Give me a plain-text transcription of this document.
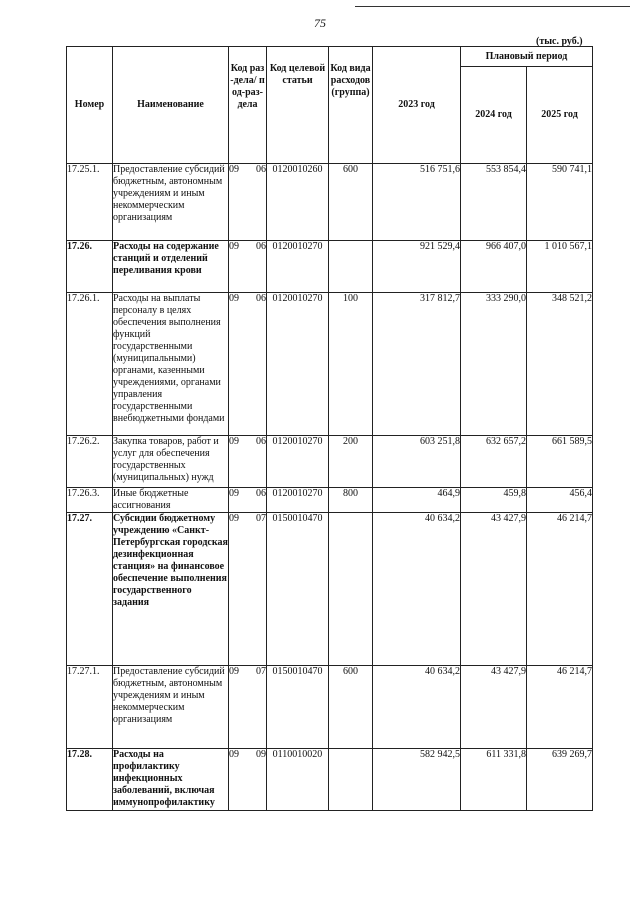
75
(тыс. руб.)
Номер	Наименование	Код раз-дела/ под-раз-дела	Код целевой статьи	Код вида расходов (группа)	2023 год	Плановый период	

						2024 год	2025 год

17.25.1.	Предоставление субсидий бюджетным, автономным учреждениям и иным некоммерческим организациям	09 06	0120010260	600	516 751,6	553 854,4	590 741,1
17.26.	Расходы на содержание станций и отделений переливания крови	09 06	0120010270		921 529,4	966 407,0	1 010 567,1
17.26.1.	Расходы на выплаты персоналу в целях обеспечения выполнения функций государственными (муниципальными) органами, казенными учреждениями, органами управления государственными внебюджетными фондами	09 06	0120010270	100	317 812,7	333 290,0	348 521,2
17.26.2.	Закупка товаров, работ и услуг для обеспечения государственных (муниципальных) нужд	09 06	0120010270	200	603 251,8	632 657,2	661 589,5
17.26.3.	Иные бюджетные ассигнования	09 06	0120010270	800	464,9	459,8	456,4
17.27.	Субсидии бюджетному учреждению «Санкт-Петербургская городская дезинфекционная станция» на финансовое обеспечение выполнения государственного задания	09 07	0150010470		40 634,2	43 427,9	46 214,7
17.27.1.	Предоставление субсидий бюджетным, автономным учреждениям и иным некоммерческим организациям	09 07	0150010470	600	40 634,2	43 427,9	46 214,7
17.28.	Расходы на профилактику инфекционных заболеваний, включая иммунопрофилактику	09 09	0110010020		582 942,5	611 331,8	639 269,7
